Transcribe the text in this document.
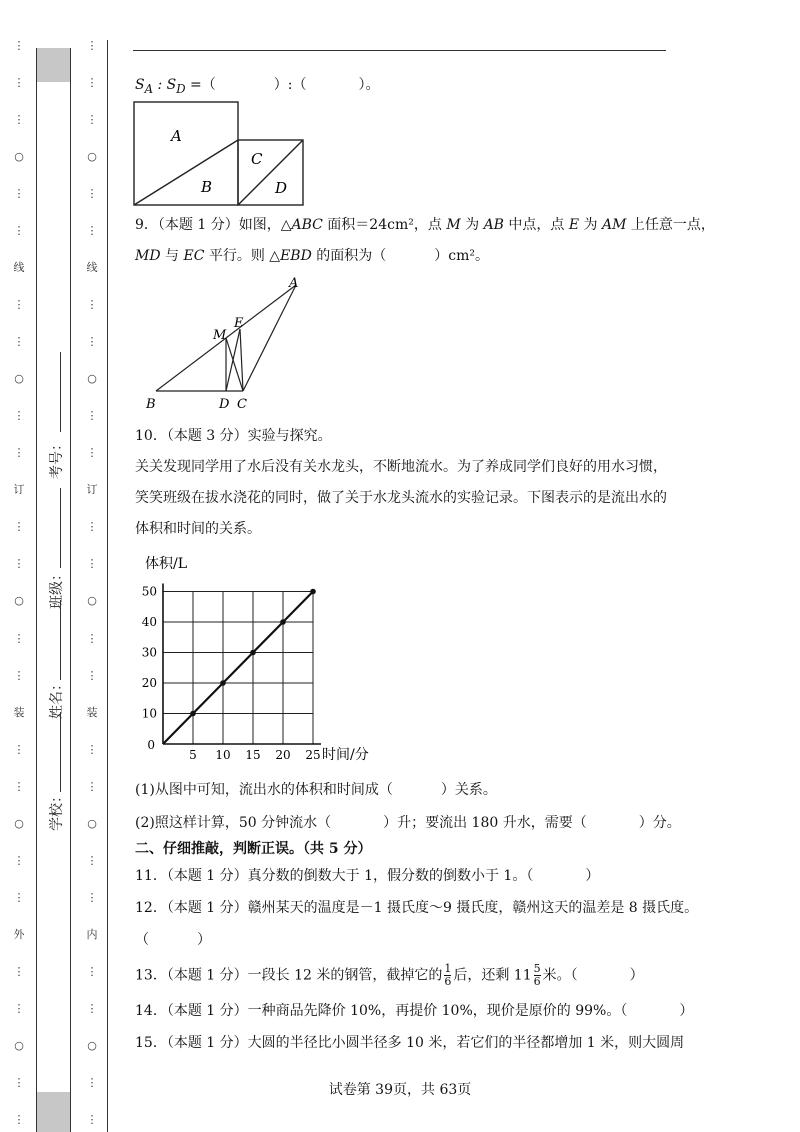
⋮
⋮
⋮
○
⋮
⋮
线
⋮
⋮
○
⋮
⋮
订
⋮
⋮
○
⋮
⋮
装
⋮
⋮
○
⋮
⋮
外
⋮
⋮
○
⋮
⋮
考号：
班级：
姓名：
学校：
⋮
⋮
⋮
○
⋮
⋮
线
⋮
⋮
○
⋮
⋮
订
⋮
⋮
○
⋮
⋮
装
⋮
⋮
○
⋮
⋮
内
⋮
⋮
○
⋮
⋮
$S_A$ : $S_D$ =（	）:（	）。
A
B
C
D
9．（本题 1 分）如图，△ABC 面积＝24cm²，点 M 为 AB 中点，点 E 为 AM 上任意一点，
MD 与 EC 平行。则 △EBD 的面积为（	）cm²。
A
M
E
B	D C
10．（本题 3 分）实验与探究。
关关发现同学用了水后没有关水龙头，不断地流水。为了养成同学们良好的用水习惯，
笑笑班级在拔水浇花的同时，做了关于水龙头流水的实验记录。下图表示的是流出水的
体积和时间的关系。
5 10 15 20 25
10
20
30
40
50
0
体积/L
时间/分
(1)从图中可知，流出水的体积和时间成（	）关系。
(2)照这样计算，50 分钟流水（	）升；要流出 180 升水，需要（	）分。
二、仔细推敲，判断正误。（共 5 分）
11．（本题 1 分）真分数的倒数大于 1，假分数的倒数小于 1。（	）
12．（本题 1 分）赣州某天的温度是－1 摄氏度～9 摄氏度，赣州这天的温差是 8 摄氏度。
（	）
13．（本题 1 分）一段长 12 米的钢管，截掉它的 $\frac{1}{6}$ 后，还剩 $11 \frac{5}{6}$ 米。（	）
14．（本题 1 分）一种商品先降价 10%，再提价 10%，现价是原价的 99%。（	）
15．（本题 1 分）大圆的半径比小圆半径多 10 米，若它们的半径都增加 1 米，则大圆周
试卷第 39页，共 63页
